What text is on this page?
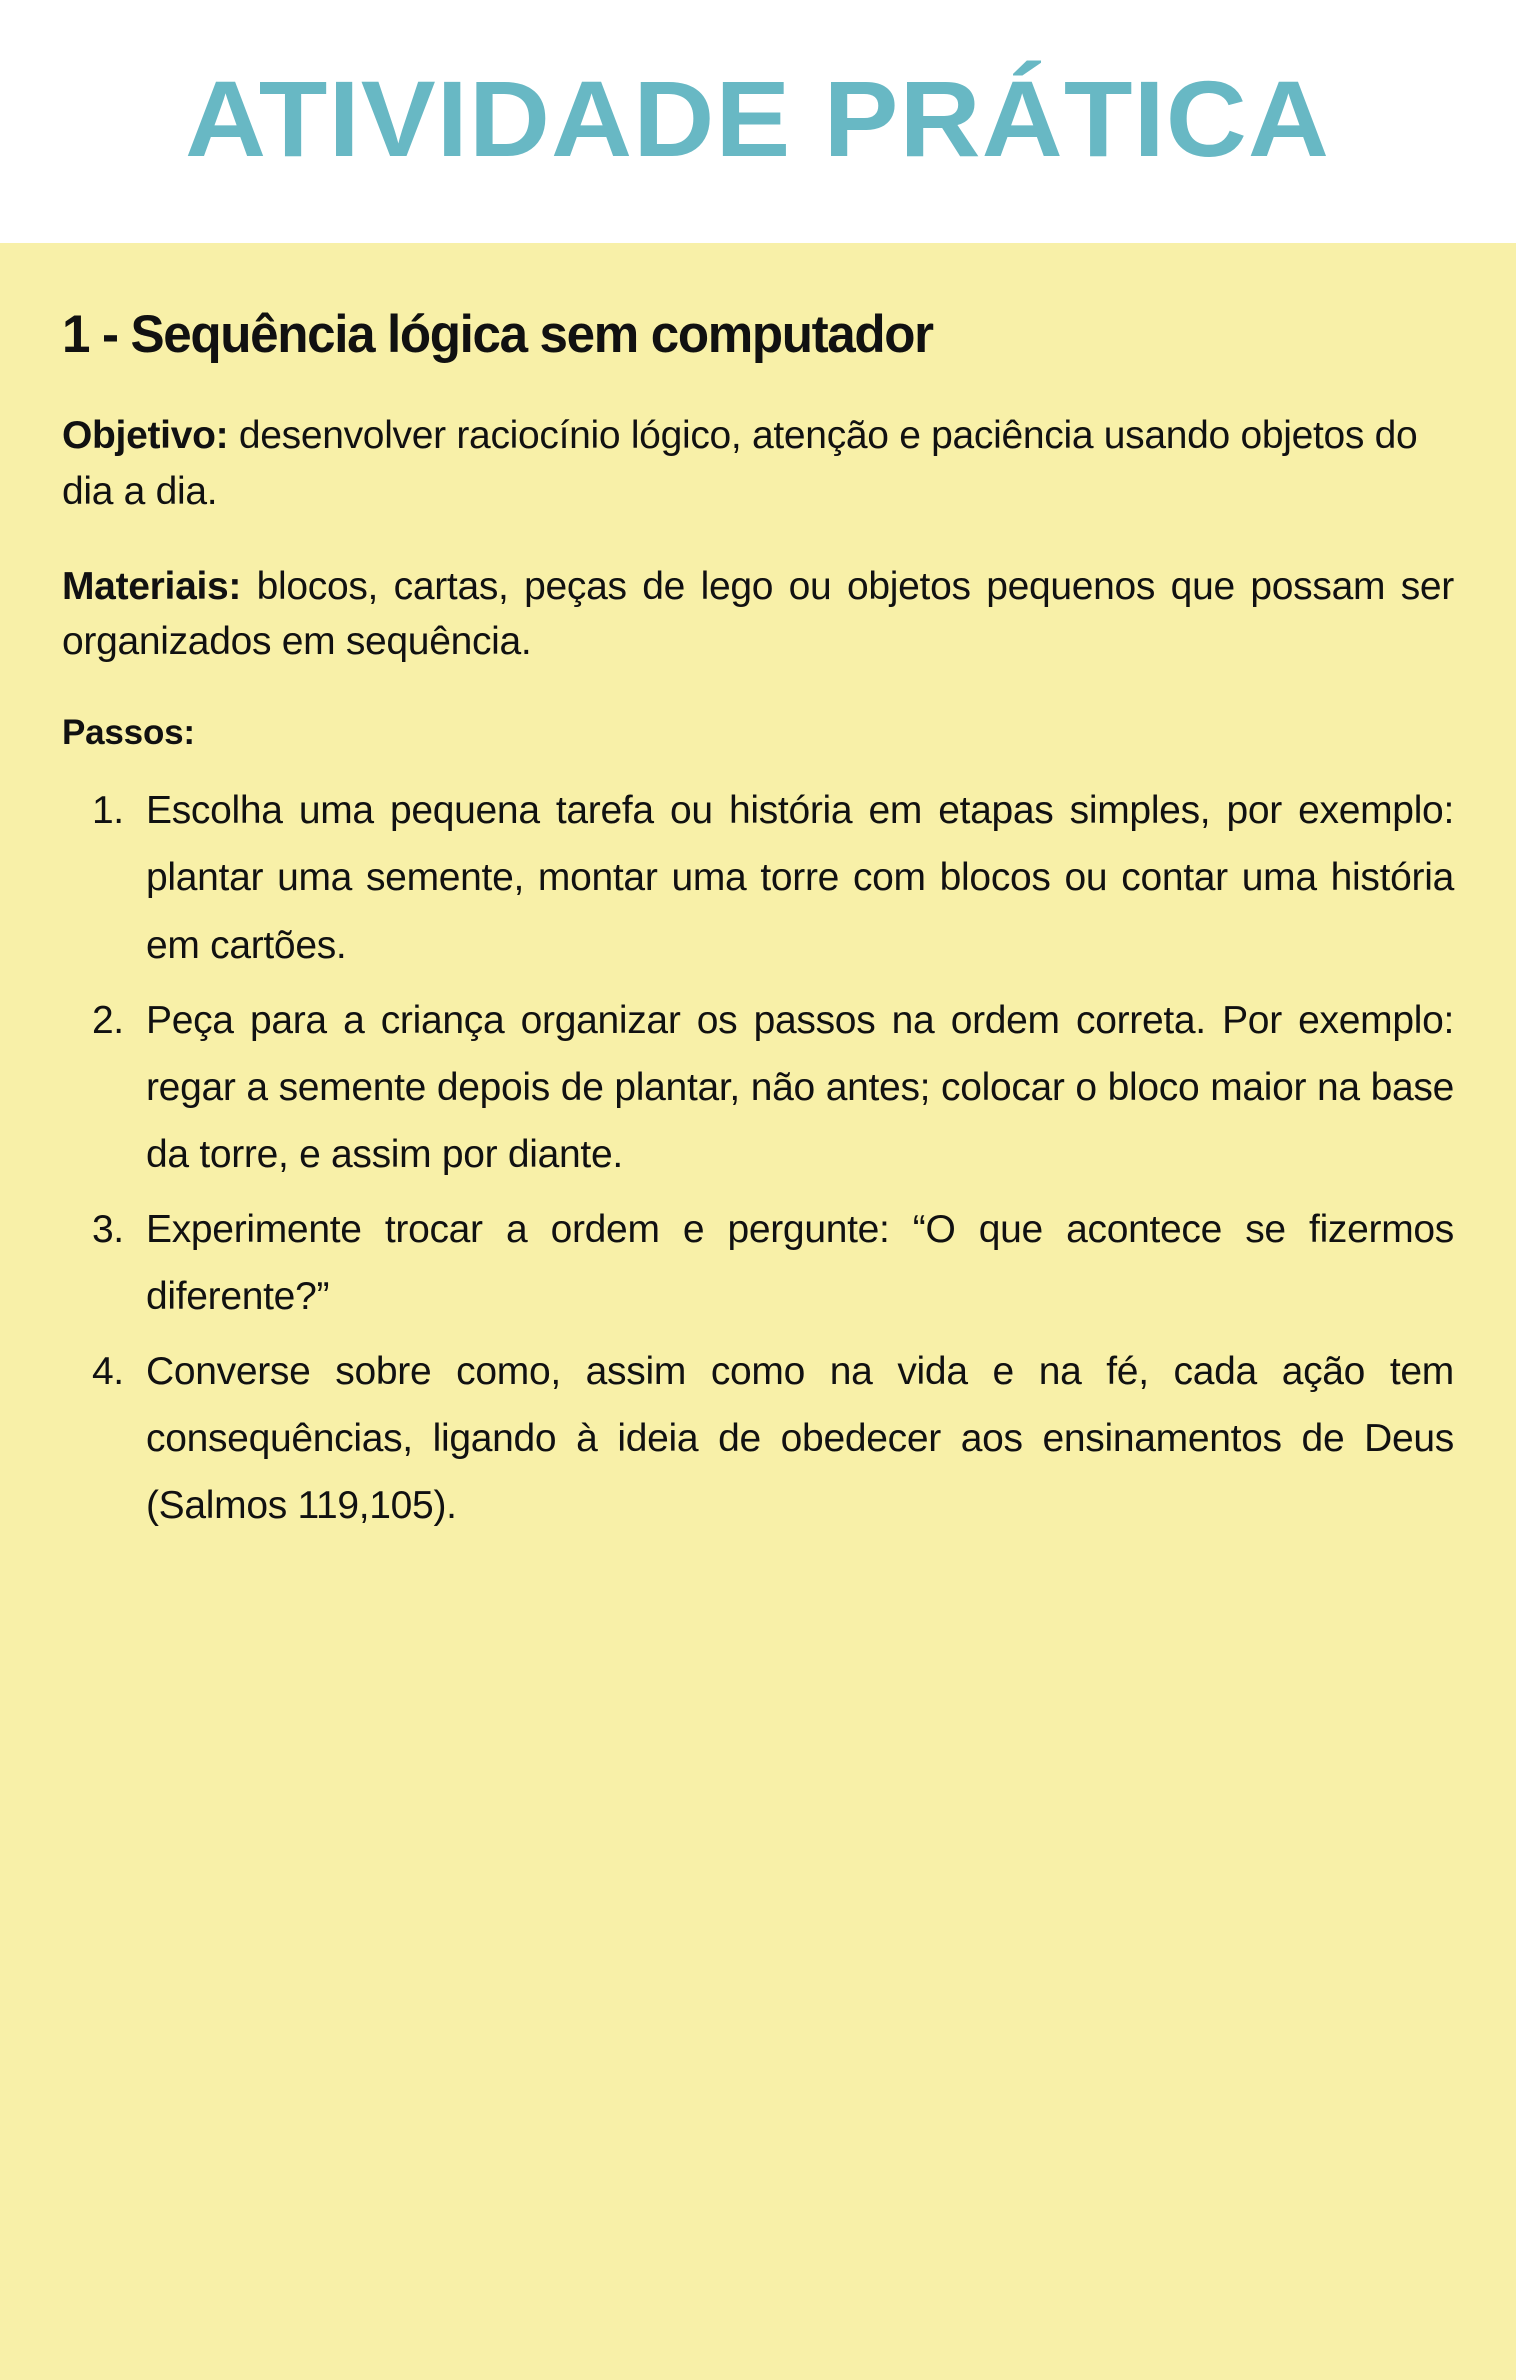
ATIVIDADE PRÁTICA
1 - Sequência lógica sem computador

Objetivo: desenvolver raciocínio lógico, atenção e paciência usando objetos do dia a dia.

Materiais: blocos, cartas, peças de lego ou objetos pequenos que possam ser organizados em sequência.

Passos:

Escolha uma pequena tarefa ou história em etapas simples, por exemplo: plantar uma semente, montar uma torre com blocos ou contar uma história em cartões.
Peça para a criança organizar os passos na ordem correta. Por exemplo: regar a semente depois de plantar, não antes; colocar o bloco maior na base da torre, e assim por diante.
Experimente trocar a ordem e pergunte: “O que acontece se fizermos diferente?”
Converse sobre como, assim como na vida e na fé, cada ação tem consequências, ligando à ideia de obedecer aos ensinamentos de Deus (Salmos 119,105).
